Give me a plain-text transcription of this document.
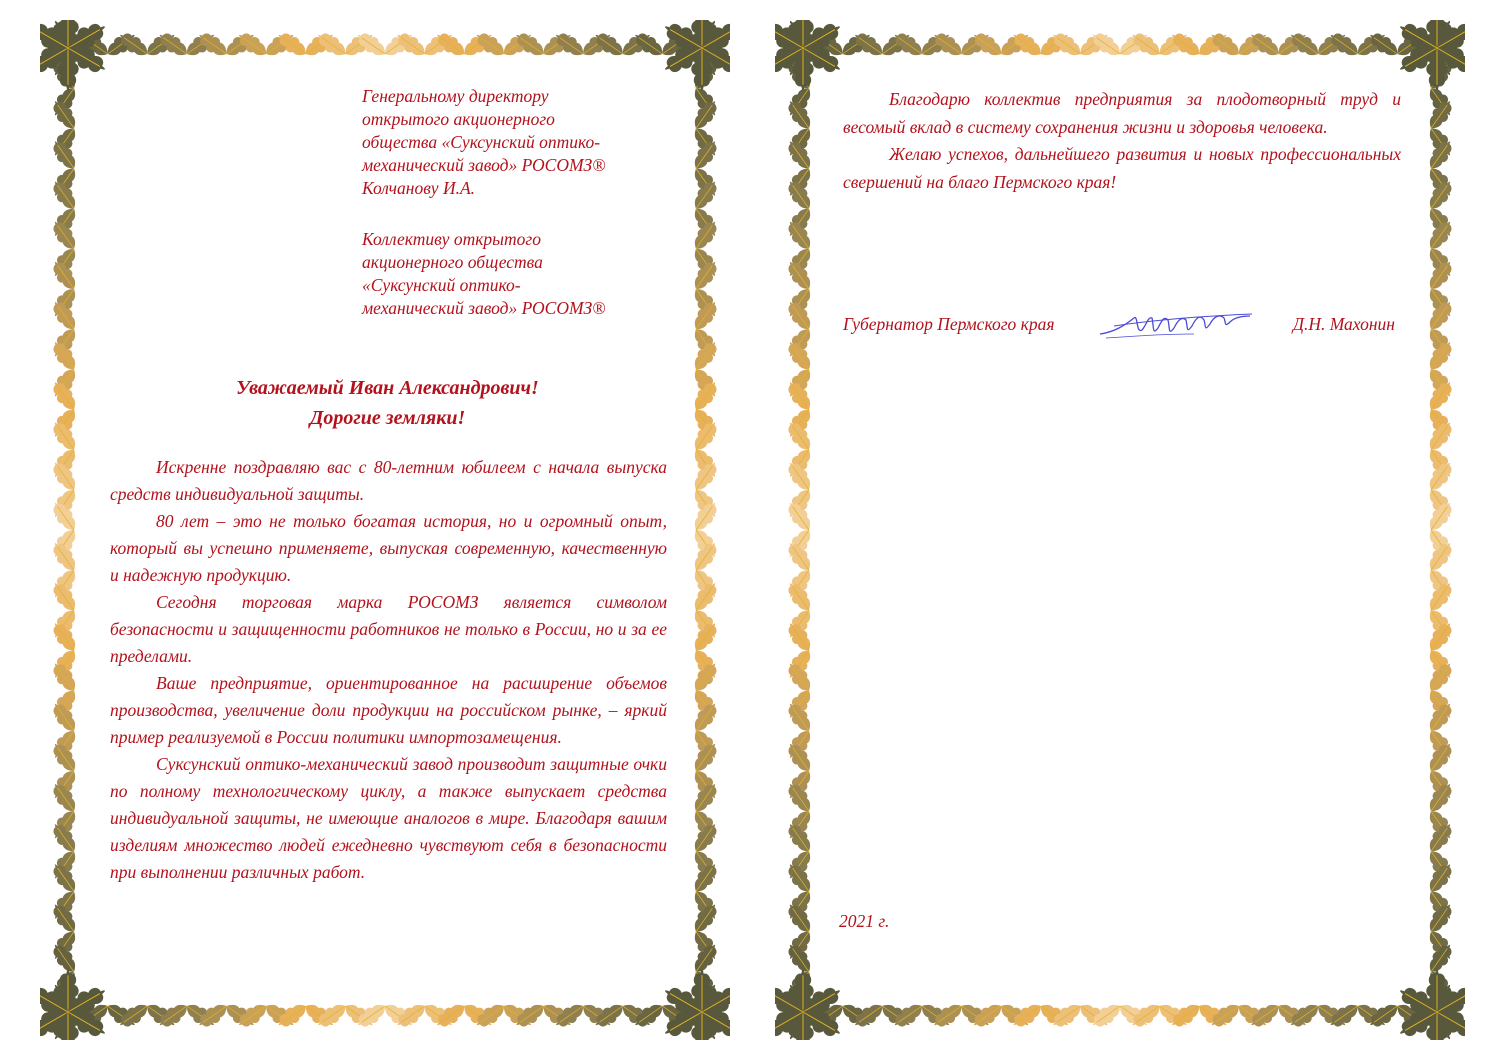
Генеральному директору
открытого акционерного
общества «Суксунский оптико-
механический завод» РОСОМЗ®
Колчанову И.А.
Коллективу открытого
акционерного общества
«Суксунский оптико-
механический завод» РОСОМЗ®
Уважаемый Иван Александрович!
Дорогие земляки!

Искренне поздравляю вас с 80-летним юбилеем с начала выпуска средств индивидуальной защиты.

80 лет – это не только богатая история, но и огромный опыт, который вы успешно применяете, выпуская современную, качественную и надежную продукцию.

Сегодня торговая марка РОСОМЗ является символом безопасности и защищенности работников не только в России, но и за ее пределами.

Ваше предприятие, ориентированное на расширение объемов производства, увеличение доли продукции на российском рынке, – яркий пример реализуемой в России политики импортозамещения.

Суксунский оптико-механический завод производит защитные очки по полному технологическому циклу, а также выпускает средства индивидуальной защиты, не имеющие аналогов в мире. Благодаря вашим изделиям множество людей ежедневно чувствуют себя в безопасности при выполнении различных работ.

Благодарю коллектив предприятия за плодотворный труд и весомый вклад в систему сохранения жизни и здоровья человека.

Желаю успехов, дальнейшего развития и новых профессиональных свершений на благо Пермского края!

Губернатор Пермского края	Д.Н. Махонин
2021 г.
